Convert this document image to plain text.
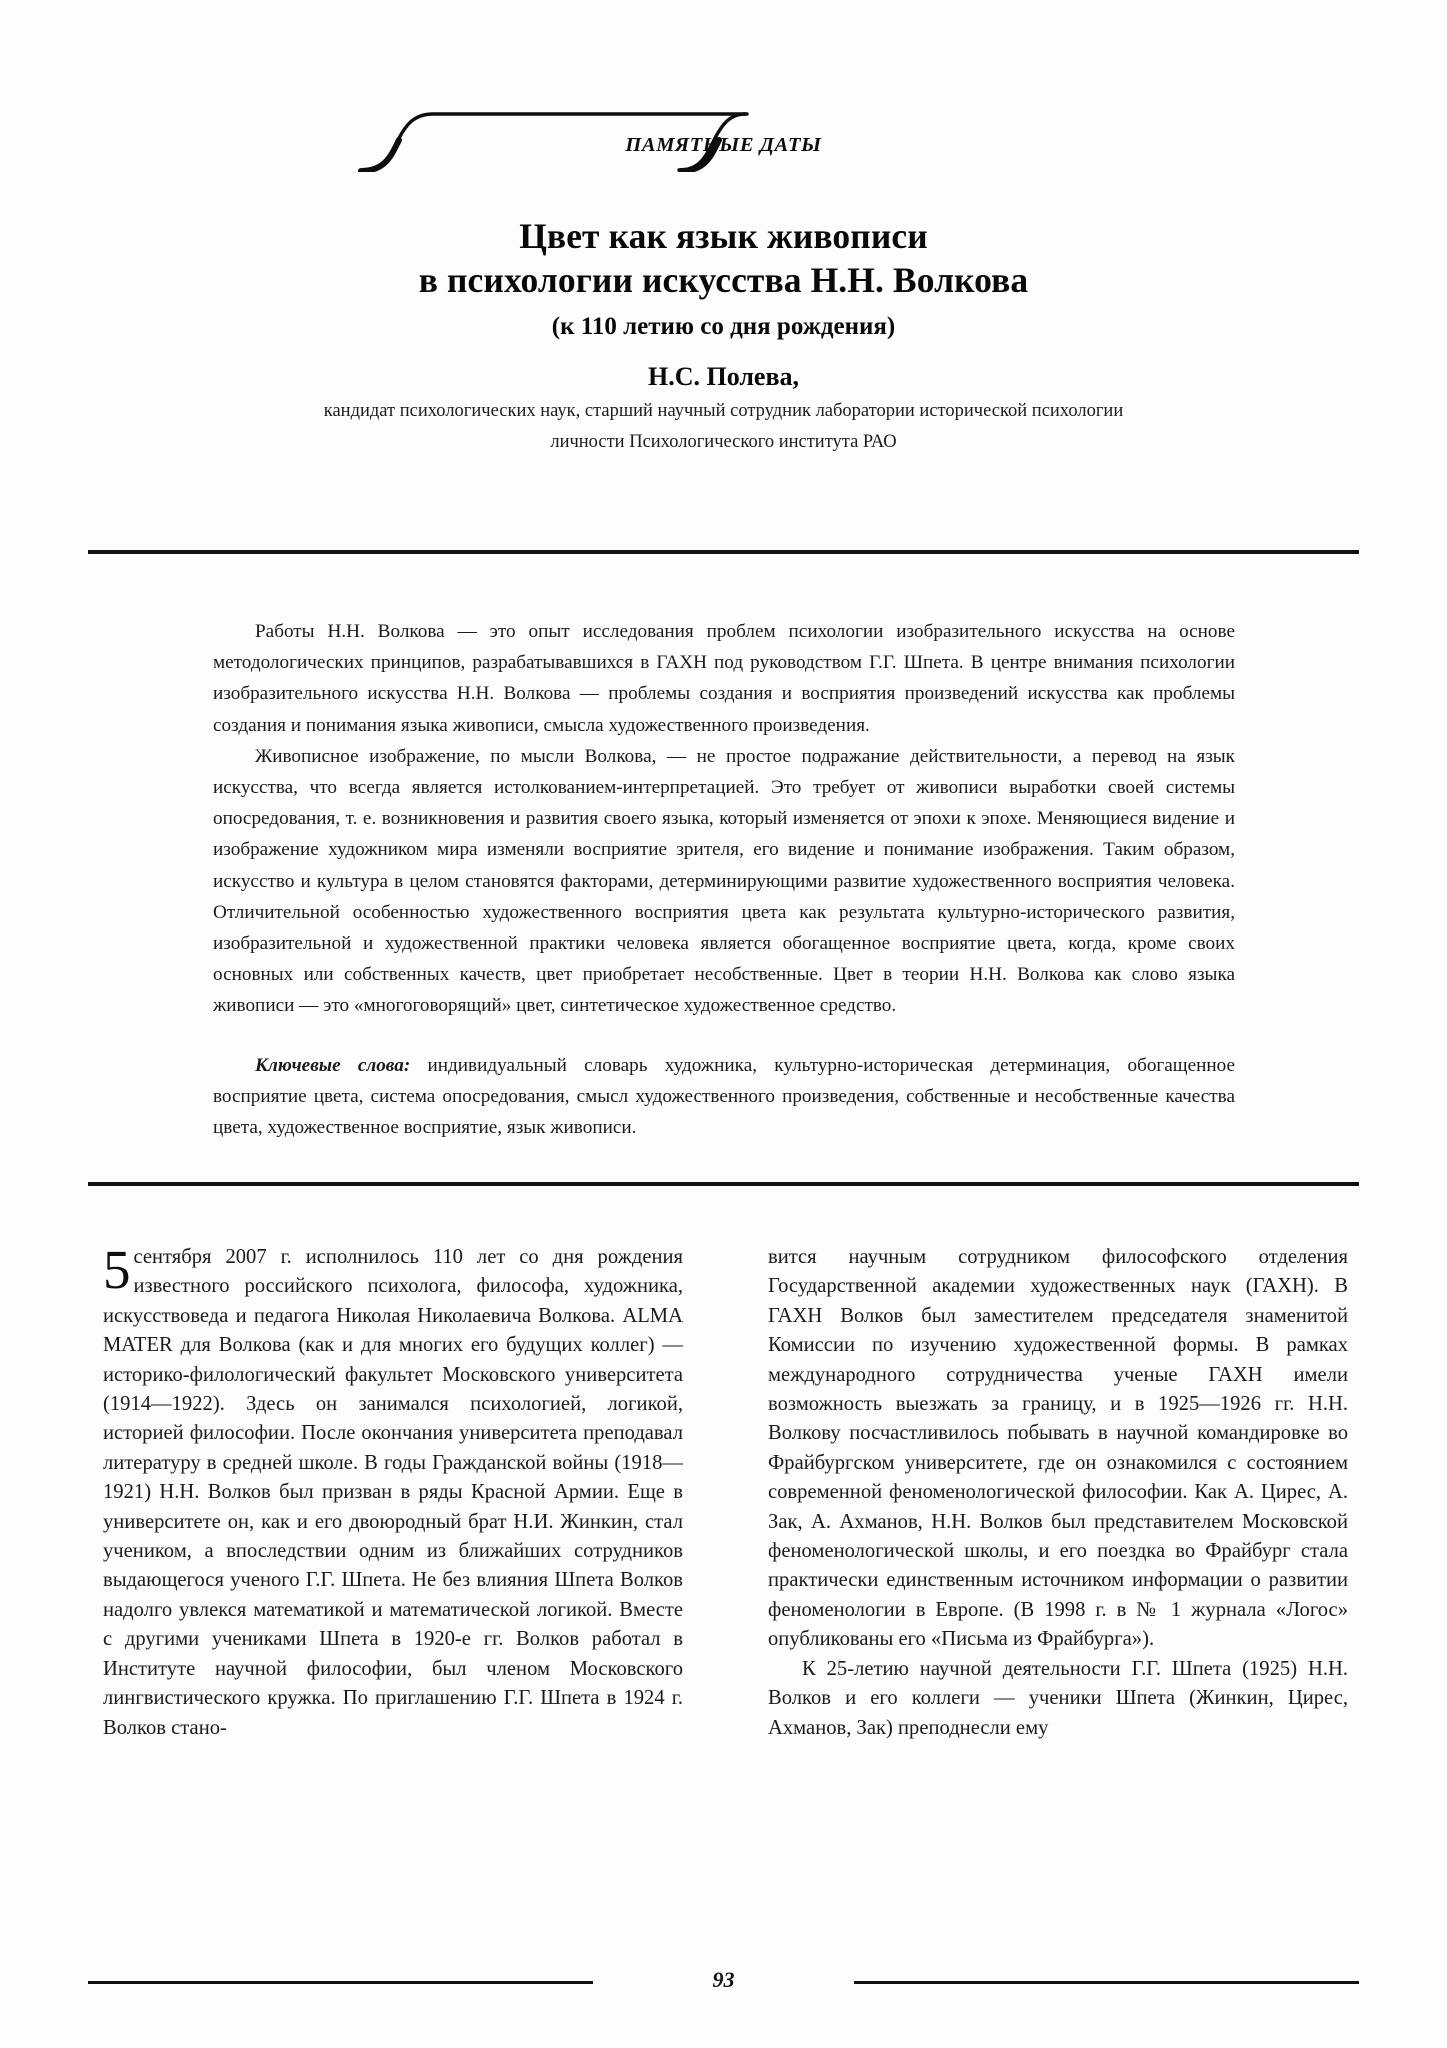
ПАМЯТНЫЕ ДАТЫ
Цвет как язык живописи
в психологии искусства Н.Н. Волкова
(к 110 летию со дня рождения)
Н.С. Полева,
кандидат психологических наук, старший научный сотрудник лаборатории исторической психологии
личности Психологического института РАО

Работы Н.Н. Волкова — это опыт исследования проблем психологии изобразительного искусства на основе методологических принципов, разрабатывавшихся в ГАХН под руководством Г.Г. Шпета. В центре внимания психологии изобразительного искусства Н.Н. Волкова — проблемы создания и восприятия произведений искусства как проблемы создания и понимания языка живописи, смысла художественного произведения.

Живописное изображение, по мысли Волкова, — не простое подражание действительности, а перевод на язык искусства, что всегда является истолкованием-интерпретацией. Это требует от живописи выработки своей системы опосредования, т. е. возникновения и развития своего языка, который изменяется от эпохи к эпохе. Меняющиеся видение и изображение художником мира изменяли восприятие зрителя, его видение и понимание изображения. Таким образом, искусство и культура в целом становятся факторами, детерминирующими развитие художественного восприятия человека. Отличительной особенностью художественного восприятия цвета как результата культурно-исторического развития, изобразительной и художественной практики человека является обогащенное восприятие цвета, когда, кроме своих основных или собственных качеств, цвет приобретает несобственные. Цвет в теории Н.Н. Волкова как слово языка живописи — это «многоговорящий» цвет, синтетическое художественное средство.

Ключевые слова: индивидуальный словарь художника, культурно-историческая детерминация, обогащенное восприятие цвета, система опосредования, смысл художественного произведения, собственные и несобственные качества цвета, художественное восприятие, язык живописи.

5 сентября 2007 г. исполнилось 110 лет со дня рождения известного российского психолога, философа, художника, искусствоведа и педагога Николая Николаевича Волкова. ALMA MATER для Волкова (как и для многих его будущих коллег) — историко-филологический факультет Московского университета (1914—1922). Здесь он занимался психологией, логикой, историей философии. После окончания университета преподавал литературу в средней школе. В годы Гражданской войны (1918—1921) Н.Н. Волков был призван в ряды Красной Армии. Еще в университете он, как и его двоюродный брат Н.И. Жинкин, стал учеником, а впоследствии одним из ближайших сотрудников выдающегося ученого Г.Г. Шпета. Не без влияния Шпета Волков надолго увлекся математикой и математической логикой. Вместе с другими учениками Шпета в 1920-е гг. Волков работал в Институте научной философии, был членом Московского лингвистического кружка. По приглашению Г.Г. Шпета в 1924 г. Волков стано-

вится научным сотрудником философского отделения Государственной академии художественных наук (ГАХН). В ГАХН Волков был заместителем председателя знаменитой Комиссии по изучению художественной формы. В рамках международного сотрудничества ученые ГАХН имели возможность выезжать за границу, и в 1925—1926 гг. Н.Н. Волкову посчастливилось побывать в научной командировке во Фрайбургском университете, где он ознакомился с состоянием современной феноменологической философии. Как А. Цирес, А. Зак, А. Ахманов, Н.Н. Волков был представителем Московской феноменологической школы, и его поездка во Фрайбург стала практически единственным источником информации о развитии феноменологии в Европе. (В 1998 г. в № 1 журнала «Логос» опубликованы его «Письма из Фрайбурга»).

К 25-летию научной деятельности Г.Г. Шпета (1925) Н.Н. Волков и его коллеги — ученики Шпета (Жинкин, Цирес, Ахманов, Зак) преподнесли ему

93
